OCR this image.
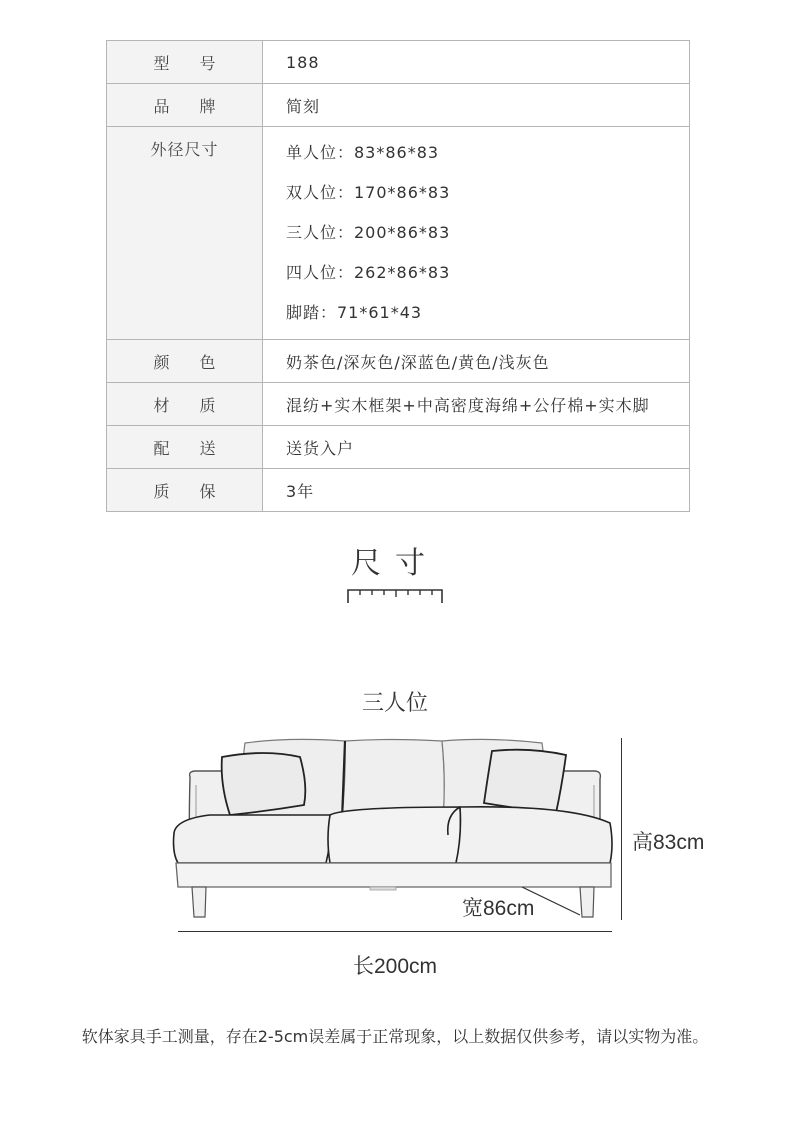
型号	188
品牌	简刻
外径尺寸	单人位：83*86*83
双人位：170*86*83
三人位：200*86*83
四人位：262*86*83
脚踏：71*61*43

颜色	奶茶色/深灰色/深蓝色/黄色/浅灰色
材质	混纺+实木框架+中高密度海绵+公仔棉+实木脚
配送	送货入户
质保	3年
尺寸
三人位
高83cm
宽86cm
长200cm
软体家具手工测量，存在2-5cm误差属于正常现象，以上数据仅供参考，请以实物为准。
